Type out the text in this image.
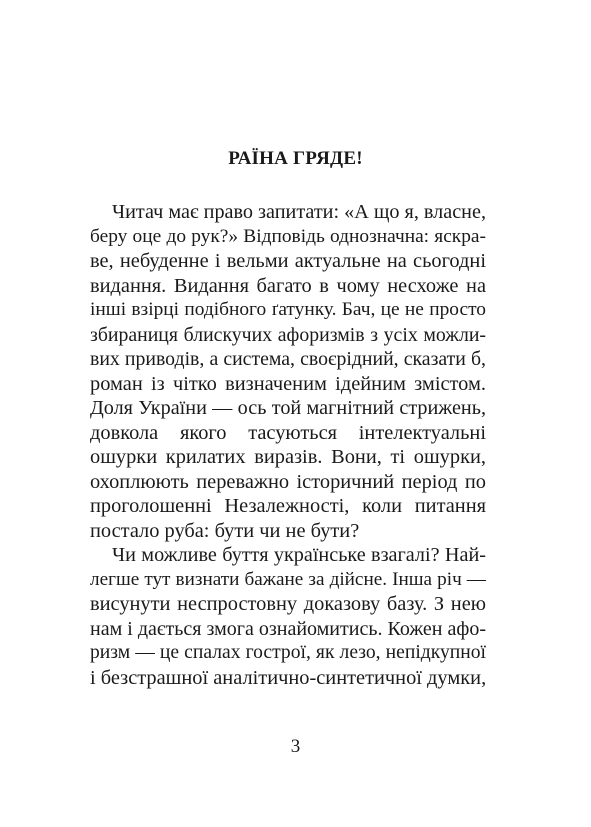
РАЇНА ГРЯДЕ!
Читач має право запитати: «А що я, власне,
беру оце до рук?» Відповідь однозначна: яскра-
ве, небуденне і вельми актуальне на сьогодні
видання. Видання багато в чому несхоже на
інші взірці подібного ґатунку. Бач, це не просто
збираниця блискучих афоризмів з усіх можли-
вих приводів, а система, своєрідний, сказати б,
роман із чітко визначеним ідейним змістом.
Доля України — ось той магнітний стрижень,
довкола якого тасуються інтелектуальні
ошурки крилатих виразів. Вони, ті ошурки,
охоплюють переважно історичний період по
проголошенні Незалежності, коли питання
постало руба: бути чи не бути?
Чи можливе буття українське взагалі? Най-
легше тут визнати бажане за дійсне. Інша річ —
висунути неспростовну доказову базу. З нею
нам і дається змога ознайомитись. Кожен афо-
ризм — це спалах гострої, як лезо, непідкупної
і безстрашної аналітично-синтетичної думки,
3
